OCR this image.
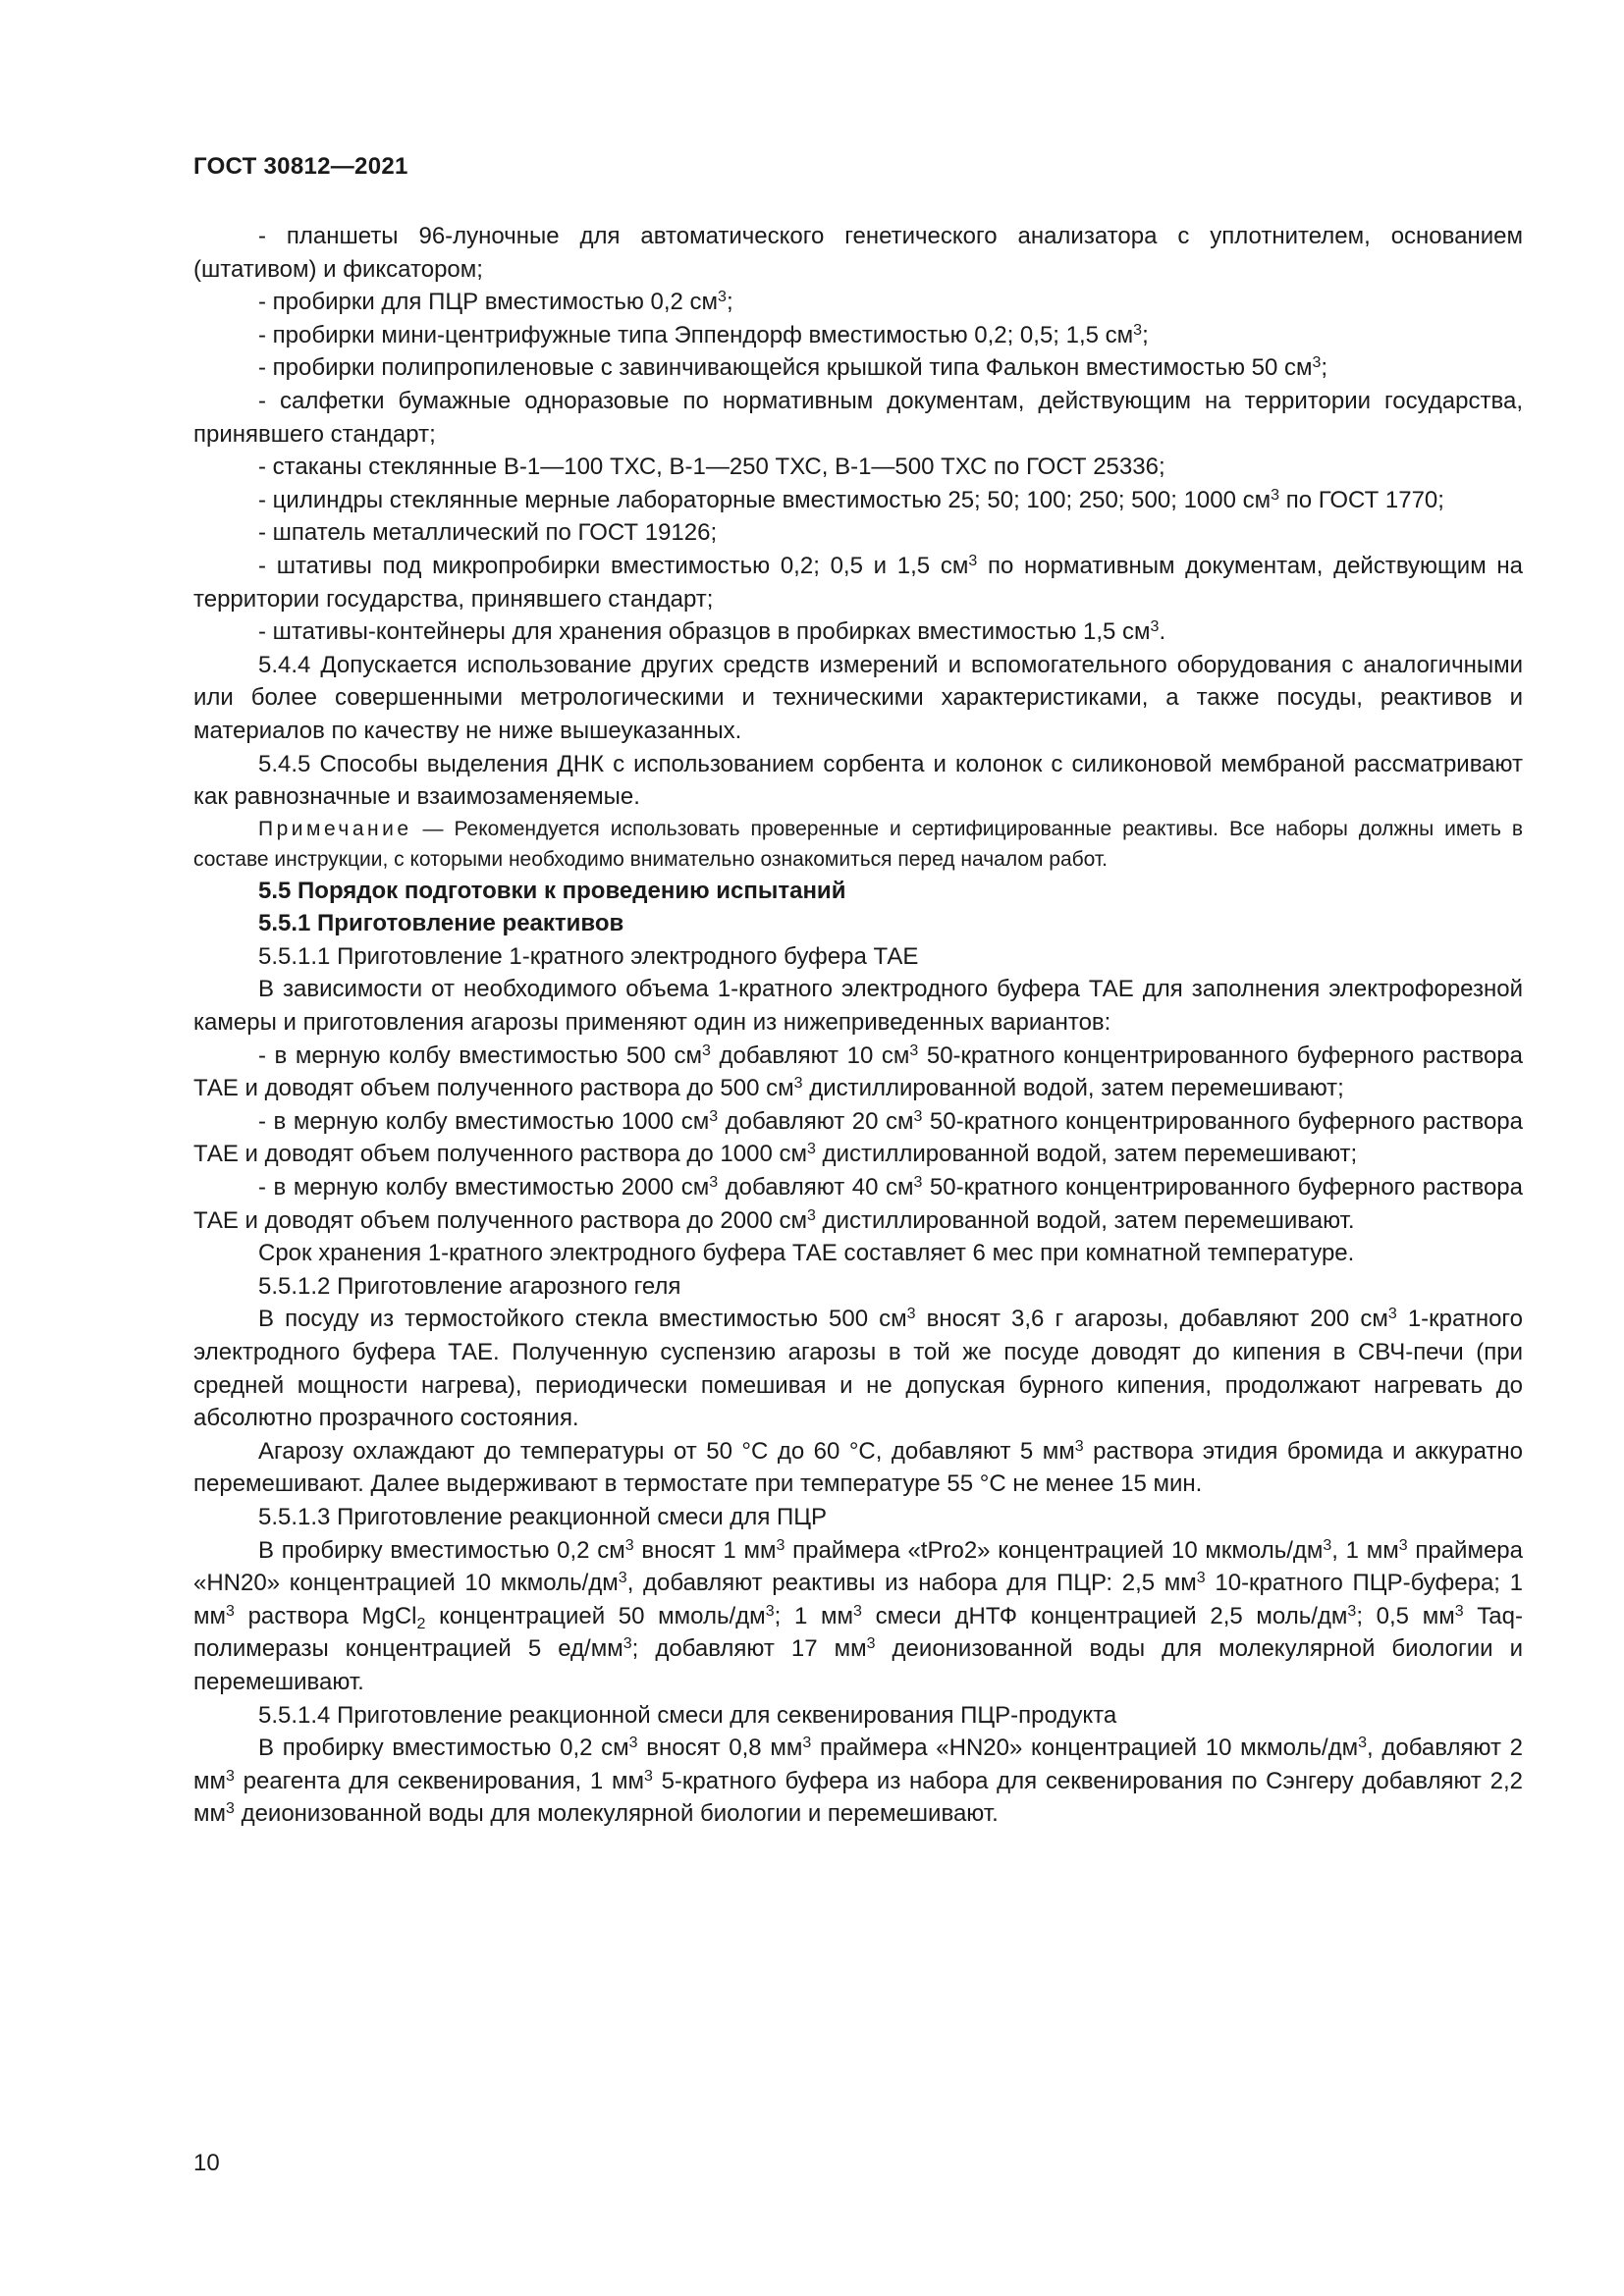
ГОСТ 30812—2021

- планшеты 96-луночные для автоматического генетического анализатора с уплотнителем, основанием (штативом) и фиксатором;

- пробирки для ПЦР вместимостью 0,2 $см^3$;

- пробирки мини-центрифужные типа Эппендорф вместимостью 0,2; 0,5; 1,5 $см^3$;

- пробирки полипропиленовые с завинчивающейся крышкой типа Фалькон вместимостью 50 $см^3$;

- салфетки бумажные одноразовые по нормативным документам, действующим на территории государства, принявшего стандарт;

- стаканы стеклянные В-1—100 ТХС, В-1—250 ТХС, В-1—500 ТХС по ГОСТ 25336;

- цилиндры стеклянные мерные лабораторные вместимостью 25; 50; 100; 250; 500; 1000 $см^3$ по ГОСТ 1770;

- шпатель металлический по ГОСТ 19126;

- штативы под микропробирки вместимостью 0,2; 0,5 и 1,5 $см^3$ по нормативным документам, действующим на территории государства, принявшего стандарт;

- штативы-контейнеры для хранения образцов в пробирках вместимостью 1,5 $см^3$.

5.4.4 Допускается использование других средств измерений и вспомогательного оборудования с аналогичными или более совершенными метрологическими и техническими характеристиками, а также посуды, реактивов и материалов по качеству не ниже вышеуказанных.

5.4.5 Способы выделения ДНК с использованием сорбента и колонок с силиконовой мембраной рассматривают как равнозначные и взаимозаменяемые.

Примечание — Рекомендуется использовать проверенные и сертифицированные реактивы. Все наборы должны иметь в составе инструкции, с которыми необходимо внимательно ознакомиться перед началом работ.

5.5 Порядок подготовки к проведению испытаний

5.5.1 Приготовление реактивов

5.5.1.1 Приготовление 1-кратного электродного буфера ТАЕ

В зависимости от необходимого объема 1-кратного электродного буфера ТАЕ для заполнения электрофорезной камеры и приготовления агарозы применяют один из нижеприведенных вариантов:

- в мерную колбу вместимостью 500 $см^3$ добавляют 10 $см^3$ 50-кратного концентрированного буферного раствора ТАЕ и доводят объем полученного раствора до 500 $см^3$ дистиллированной водой, затем перемешивают;

- в мерную колбу вместимостью 1000 $см^3$ добавляют 20 $см^3$ 50-кратного концентрированного буферного раствора ТАЕ и доводят объем полученного раствора до 1000 $см^3$ дистиллированной водой, затем перемешивают;

- в мерную колбу вместимостью 2000 $см^3$ добавляют 40 $см^3$ 50-кратного концентрированного буферного раствора ТАЕ и доводят объем полученного раствора до 2000 $см^3$ дистиллированной водой, затем перемешивают.

Срок хранения 1-кратного электродного буфера ТАЕ составляет 6 мес при комнатной температуре.

5.5.1.2 Приготовление агарозного геля

В посуду из термостойкого стекла вместимостью 500 $см^3$ вносят 3,6 г агарозы, добавляют 200 $см^3$ 1-кратного электродного буфера ТАЕ. Полученную суспензию агарозы в той же посуде доводят до кипения в СВЧ-печи (при средней мощности нагрева), периодически помешивая и не допуская бурного кипения, продолжают нагревать до абсолютно прозрачного состояния.

Агарозу охлаждают до температуры от 50 °С до 60 °С, добавляют 5 $мм^3$ раствора этидия бромида и аккуратно перемешивают. Далее выдерживают в термостате при температуре 55 °С не менее 15 мин.

5.5.1.3 Приготовление реакционной смеси для ПЦР

В пробирку вместимостью 0,2 $см^3$ вносят 1 $мм^3$ праймера «tPro2» концентрацией 10 мкмоль/$дм^3$, 1 $мм^3$ праймера «HN20» концентрацией 10 мкмоль/$дм^3$, добавляют реактивы из набора для ПЦР: 2,5 $мм^3$ 10-кратного ПЦР-буфера; 1 $мм^3$ раствора MgCl$_2$ концентрацией 50 ммоль/$дм^3$; 1 $мм^3$ смеси дНТФ концентрацией 2,5 моль/$дм^3$; 0,5 $мм^3$ Taq-полимеразы концентрацией 5 $ед/мм^3$; добавляют 17 $мм^3$ деионизованной воды для молекулярной биологии и перемешивают.

5.5.1.4 Приготовление реакционной смеси для секвенирования ПЦР-продукта

В пробирку вместимостью 0,2 $см^3$ вносят 0,8 $мм^3$ праймера «HN20» концентрацией 10 мкмоль/$дм^3$, добавляют 2 $мм^3$ реагента для секвенирования, 1 $мм^3$ 5-кратного буфера из набора для секвенирования по Сэнгеру добавляют 2,2 $мм^3$ деионизованной воды для молекулярной биологии и перемешивают.

10
